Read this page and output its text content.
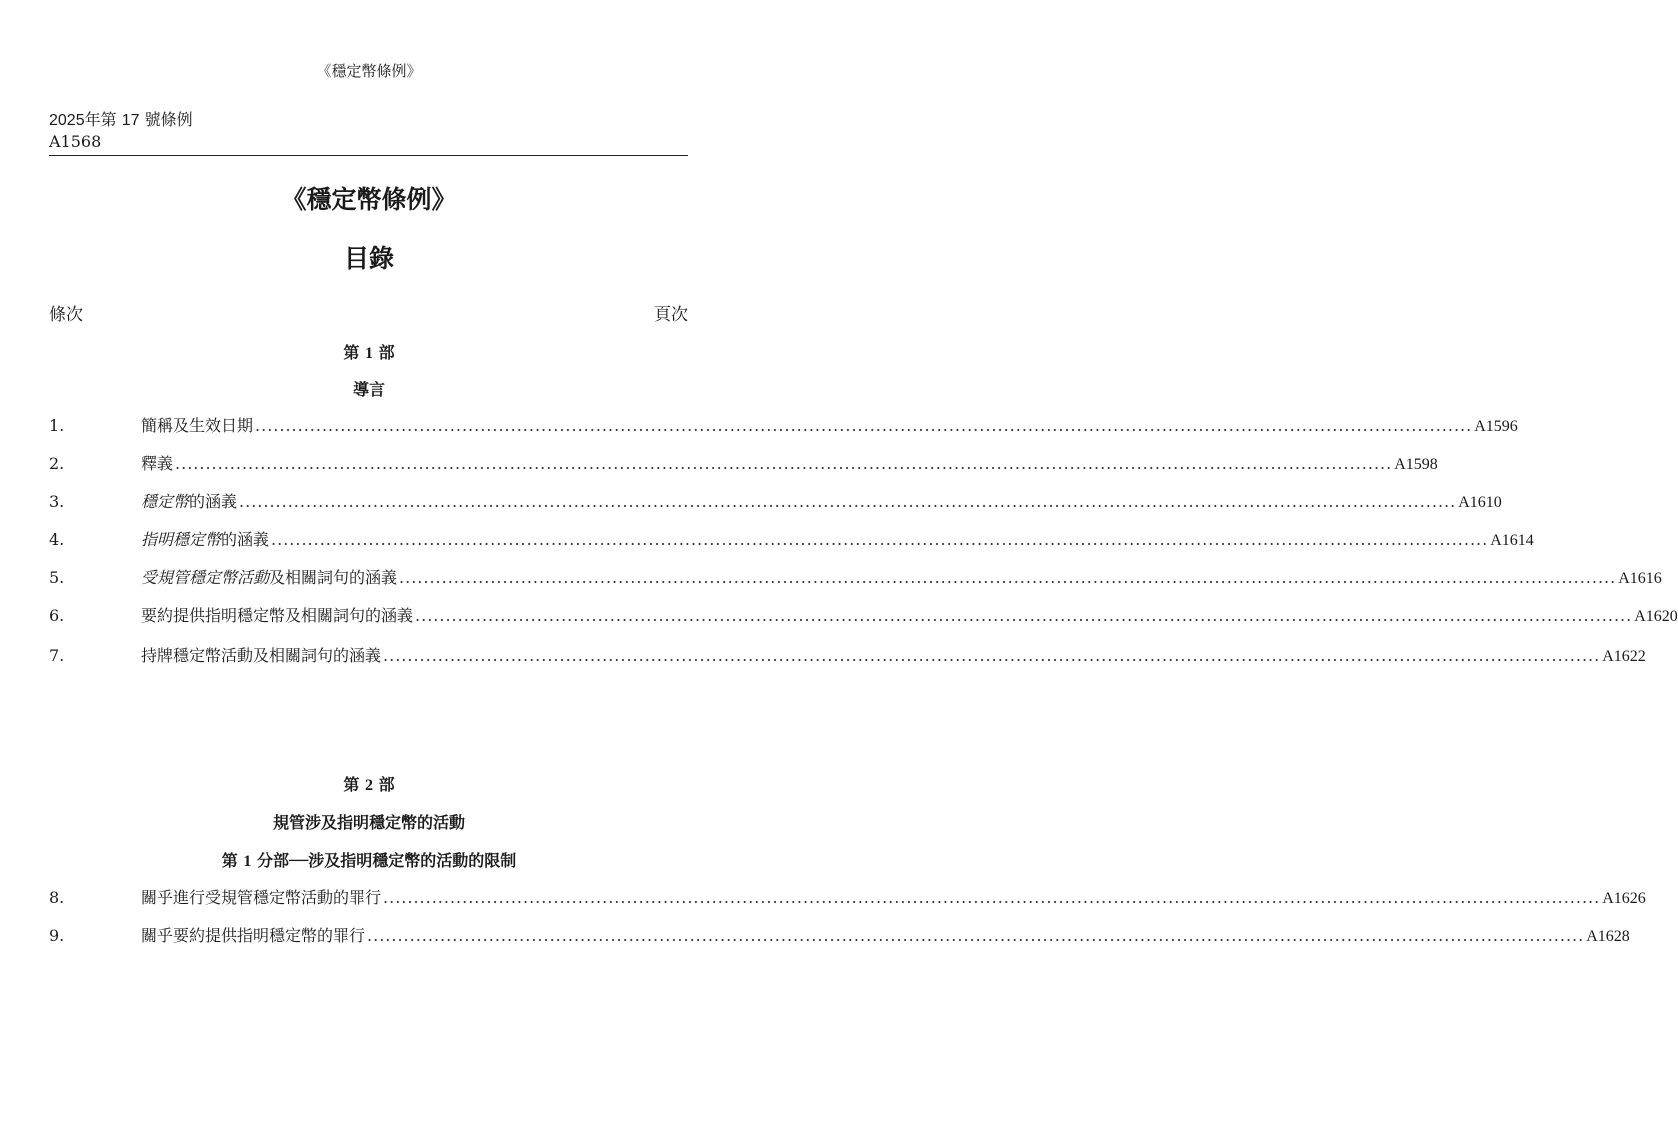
《穩定幣條例》
2025年第 17 號條例
A1568
《穩定幣條例》
目錄
條次	頁次
第 1 部
導言
1.	簡稱及生效日期 ........................................................................................................................................................................................................ A1596
2.	釋義 ........................................................................................................................................................................................................ A1598
3.	穩定幣的涵義 ........................................................................................................................................................................................................ A1610
4.	指明穩定幣的涵義 ........................................................................................................................................................................................................ A1614
5.	受規管穩定幣活動及相關詞句的涵義 ........................................................................................................................................................................................................ A1616
6.	要約提供指明穩定幣及相關詞句的涵義 ........................................................................................................................................................................................................ A1620
7.	持牌穩定幣活動及相關詞句的涵義 ........................................................................................................................................................................................................ A1622
第 2 部
規管涉及指明穩定幣的活動
第 1 分部──涉及指明穩定幣的活動的限制
8.	關乎進行受規管穩定幣活動的罪行 ........................................................................................................................................................................................................ A1626
9.	關乎要約提供指明穩定幣的罪行 ........................................................................................................................................................................................................ A1628
